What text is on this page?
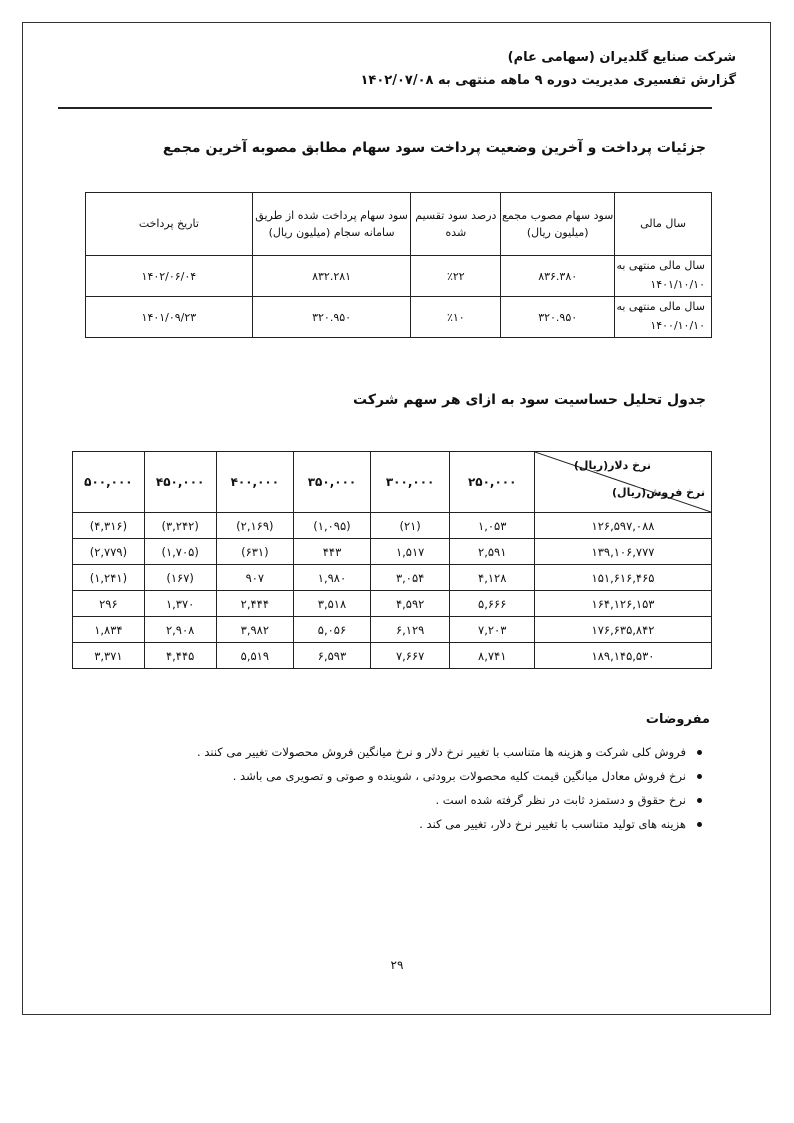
شرکت صنایع گلدیران (سهامی عام)
گزارش تفسیری مدیریت دوره ۹ ماهه منتهی به ۱۴۰۲/۰۷/۰۸
جزئیات پرداخت و آخرین وضعیت پرداخت سود سهام مطابق مصوبه آخرین مجمع
سال مالی	سود سهام مصوب مجمع (میلیون ریال)	درصد سود تقسیم شده	سود سهام پرداخت شده از طریق سامانه سجام (میلیون ریال)	تاریخ پرداخت
سال مالی منتهی به ۱۴۰۱/۱۰/۱۰	۸۳۶.۳۸۰	٪۲۲	۸۳۲.۲۸۱	۱۴۰۲/۰۶/۰۴
سال مالی منتهی به ۱۴۰۰/۱۰/۱۰	۳۲۰.۹۵۰	٪۱۰	۳۲۰.۹۵۰	۱۴۰۱/۰۹/۲۳
جدول تحلیل حساسیت سود به ازای هر سهم شرکت
نرخ دلار(ریال)
نرخ فروش(ریال)	۲۵۰,۰۰۰	۳۰۰,۰۰۰	۳۵۰,۰۰۰	۴۰۰,۰۰۰	۴۵۰,۰۰۰	۵۰۰,۰۰۰
۱۲۶,۵۹۷,۰۸۸	۱,۰۵۳	(۲۱)	(۱,۰۹۵)	(۲,۱۶۹)	(۳,۲۴۲)	(۴,۳۱۶)
۱۳۹,۱۰۶,۷۷۷	۲,۵۹۱	۱,۵۱۷	۴۴۳	(۶۳۱)	(۱,۷۰۵)	(۲,۷۷۹)
۱۵۱,۶۱۶,۴۶۵	۴,۱۲۸	۳,۰۵۴	۱,۹۸۰	۹۰۷	(۱۶۷)	(۱,۲۴۱)
۱۶۴,۱۲۶,۱۵۳	۵,۶۶۶	۴,۵۹۲	۳,۵۱۸	۲,۴۴۴	۱,۳۷۰	۲۹۶
۱۷۶,۶۳۵,۸۴۲	۷,۲۰۳	۶,۱۲۹	۵,۰۵۶	۳,۹۸۲	۲,۹۰۸	۱,۸۳۴
۱۸۹,۱۴۵,۵۳۰	۸,۷۴۱	۷,۶۶۷	۶,۵۹۳	۵,۵۱۹	۴,۴۴۵	۳,۳۷۱
مفروضات
فروش کلی شرکت و هزینه ها متناسب با تغییر نرخ دلار و نرخ میانگین فروش محصولات تغییر می کنند .
نرخ فروش معادل میانگین قیمت کلیه محصولات برودتی ، شوینده و صوتی و تصویری می باشد .
نرخ حقوق و دستمزد ثابت در نظر گرفته شده است .
هزینه های تولید متناسب با تغییر نرخ دلار، تغییر می کند .
۲۹
